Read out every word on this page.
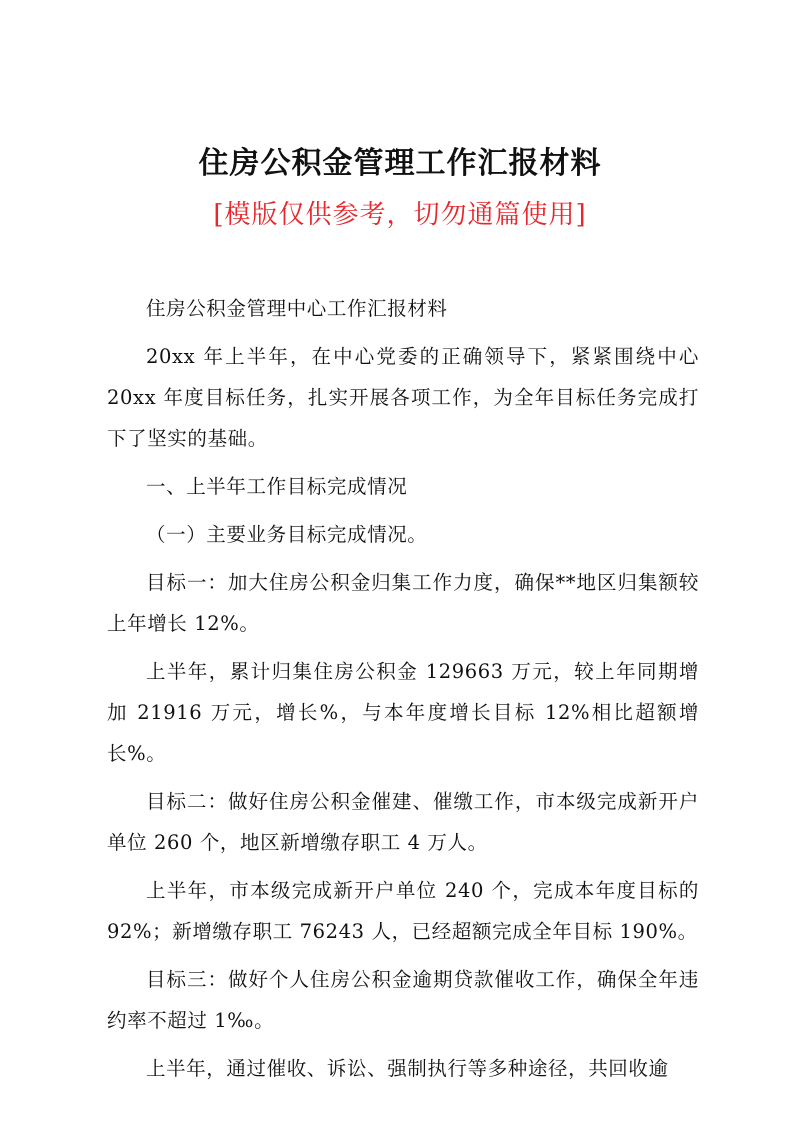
住房公积金管理工作汇报材料
[模版仅供参考，切勿通篇使用]

住房公积金管理中心工作汇报材料

20xx 年上半年，在中心党委的正确领导下，紧紧围绕中心 20xx 年度目标任务，扎实开展各项工作，为全年目标任务完成打下了坚实的基础。

一、上半年工作目标完成情况

（一）主要业务目标完成情况。

目标一：加大住房公积金归集工作力度，确保**地区归集额较上年增长 12%。

上半年，累计归集住房公积金 129663 万元，较上年同期增加 21916 万元，增长%，与本年度增长目标 12%相比超额增长%。

目标二：做好住房公积金催建、催缴工作，市本级完成新开户单位 260 个，地区新增缴存职工 4 万人。

上半年，市本级完成新开户单位 240 个，完成本年度目标的 92%；新增缴存职工 76243 人，已经超额完成全年目标 190%。

目标三：做好个人住房公积金逾期贷款催收工作，确保全年违约率不超过 1‰。

上半年，通过催收、诉讼、强制执行等多种途径，共回收逾
